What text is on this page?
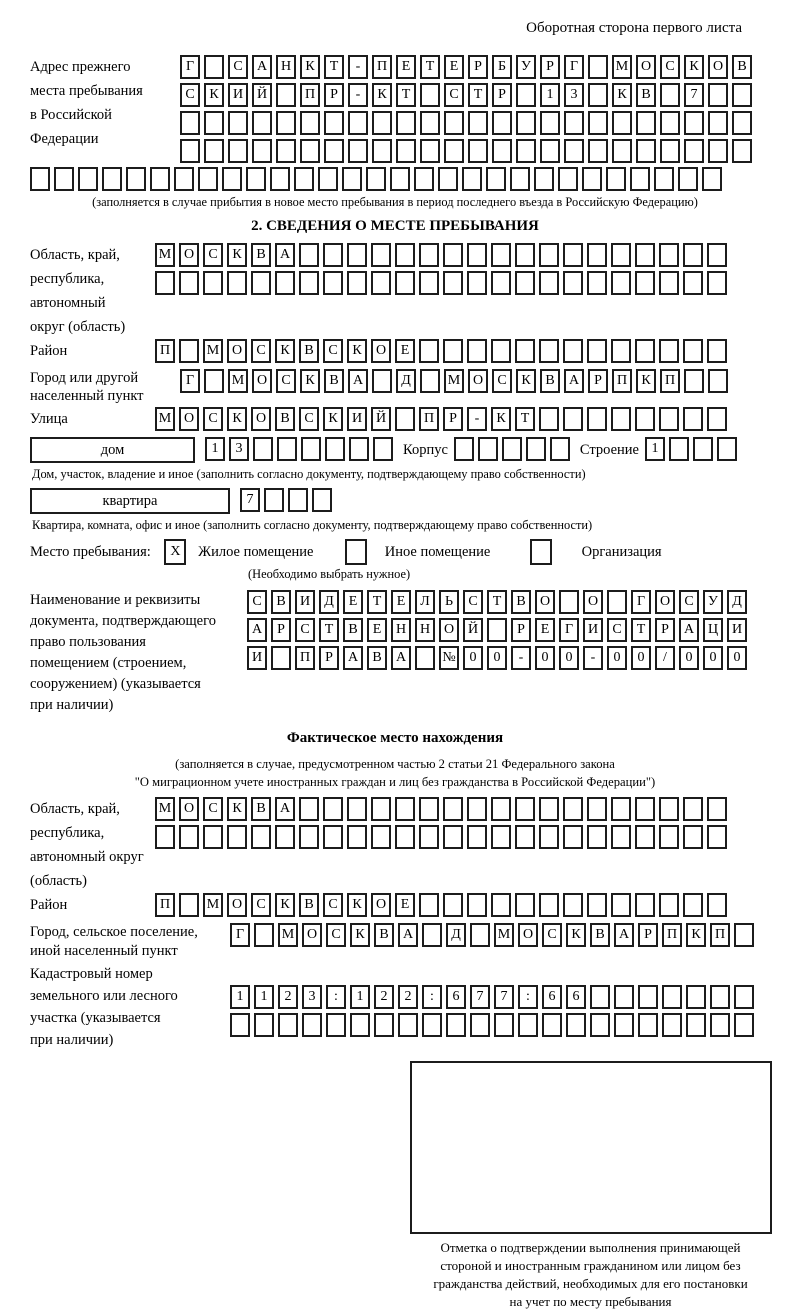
Оборотная сторона первого листа
Адрес прежнего
места пребывания
в Российской
Федерации
Г	С А Н К Т - П Е Т Е Р Б У Р Г	М О С К О В
С К И Й	П Р - К Т	С Т Р	1 3	К В	7
(заполняется в случае прибытия в новое место пребывания в период последнего въезда в Российскую Федерацию)
2. СВЕДЕНИЯ О МЕСТЕ ПРЕБЫВАНИЯ
Область, край,
республика,
автономный
округ (область)
М О С К В А
Район	П	М О С К В С К О Е
Город или другой
населенный пункт
Г	М О С К В А	Д	М О С К В А Р П К П
Улица	М О С К О В С К И Й	П Р - К Т
дом	1 3	Корпус	Строение 1
Дом, участок, владение и иное (заполнить согласно документу, подтверждающему право собственности)
квартира	7
Квартира, комната, офис и иное (заполнить согласно документу, подтверждающему право собственности)
Место пребывания: X Жилое помещение	Иное помещение	Организация
(Необходимо выбрать нужное)
Наименование и реквизиты
документа, подтверждающего
право пользования
помещением (строением,
сооружением) (указывается
при наличии)
С В И Д Е Т Е Л Ь С Т В О	О	Г О С У Д
А Р С Т В Е Н Н О Й	Р Е Г И С Т Р А Ц И
И	П Р А В А	№ 0 0 - 0 0 - 0 0 / 0 0 0
Фактическое место нахождения
(заполняется в случае, предусмотренном частью 2 статьи 21 Федерального закона
"О миграционном учете иностранных граждан и лиц без гражданства в Российской Федерации")
Область, край,
республика,
автономный округ
(область)
М О С К В А
Район	П	М О С К В С К О Е
Город, сельское поселение,
иной населенный пункт
Г	М О С К В А	Д	М О С К В А Р П К П
Кадастровый номер
земельного или лесного
участка (указывается
при наличии)
1 1 2 3 : 1 2 2 : 6 7 7 : 6 6
Отметка о подтверждении выполнения принимающей
стороной и иностранным гражданином или лицом без
гражданства действий, необходимых для его постановки
на учет по месту пребывания
